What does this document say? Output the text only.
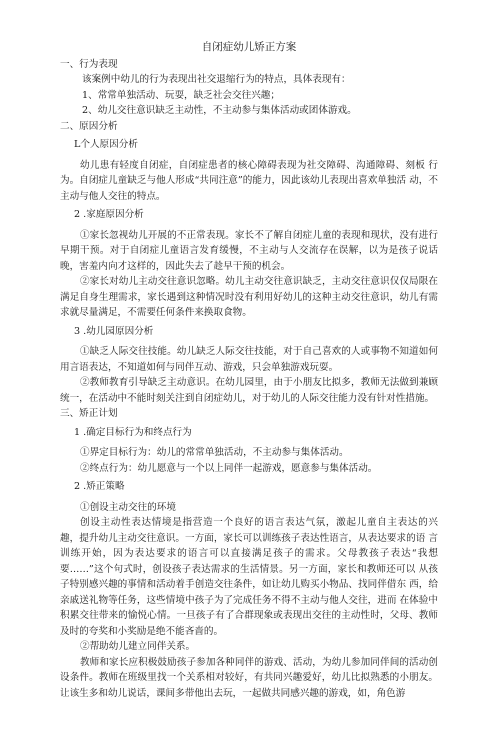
自闭症幼儿矫正方案
一、行为表现
该案例中幼儿的行为表现出社交退缩行为的特点，具体表现有：
1、常常单独活动、玩耍，缺乏社会交往兴趣；
2、幼儿交往意识缺乏主动性，不主动参与集体活动或团体游戏。
二、原因分析
L个人原因分析

幼儿患有轻度自闭症，自闭症患者的核心障碍表现为社交障碍、沟通障碍、刻板 行为。自闭症儿童缺乏与他人形成“共同注意”的能力，因此该幼儿表现出喜欢单独活 动，不主动与他人交往的特点。

2 .家庭原因分析

①家长忽视幼儿开展的不正常表现。家长不了解自闭症儿童的表现和现状，没有进行早期干预。对于自闭症儿童语言发育缓慢，不主动与人交流存在误解，以为是孩子说话晚，害羞内向才这样的，因此失去了趁早干预的机会。

②家长对幼儿主动交往意识忽略。幼儿主动交往意识缺乏，主动交往意识仅仅局限在满足自身生理需求，家长遇到这种情况时没有利用好幼儿的这种主动交往意识，幼儿有需求就尽量满足，不需要任何条件来换取食物。

3 .幼儿园原因分析

①缺乏人际交往技能。幼儿缺乏人际交往技能，对于自己喜欢的人或事物不知道如何用言语表达，不知道如何与同伴互动、游戏，只会单独游戏玩耍。

②教师教育引导缺乏主动意识。在幼儿园里，由于小朋友比拟多，教师无法做到兼顾统一，在活动中不能时刻关注到自闭症幼儿，对于幼儿的人际交往能力没有针对性措施。

三、矫正计划
1 .确定目标行为和终点行为

①界定目标行为：幼儿的常常单独活动，不主动参与集体活动。

②终点行为：幼儿愿意与一个以上同伴一起游戏，愿意参与集体活动。

2 .矫正策略

①创设主动交往的环境

创设主动性表达情境是指营造一个良好的语言表达气氛，激起儿童自主表达的兴 趣，提升幼儿主动交往意识。一方面，家长可以训练孩子表达性语言，从表达要求的语 言训练开始，因为表达要求的语言可以直接满足孩子的需求。父母教孩子表达“我想 要……”这个句式时，创设孩子表达需求的生活情景。另一方面，家长和教师还可以 从孩子特别感兴趣的事情和活动着手创造交往条件，如让幼儿购买小物品、找同伴借东 西，给亲戚送礼物等任务，这些情境中孩子为了完成任务不得不主动与他人交往，进而 在体验中积累交往带来的愉悦心情。一旦孩子有了合群现象或表现出交往的主动性时，父母、教师及时的夸奖和小奖励是绝不能吝啬的。

②帮助幼儿建立同伴关系。

教师和家长应积极鼓励孩子参加各种同伴的游戏、活动，为幼儿参加同伴间的活动创设条件。教师在班级里找一个关系相对较好，有共同兴趣爱好，幼儿比拟熟悉的小朋友。让该生多和幼儿说话，课间多带他出去玩，一起做共同感兴趣的游戏，如，角色游
